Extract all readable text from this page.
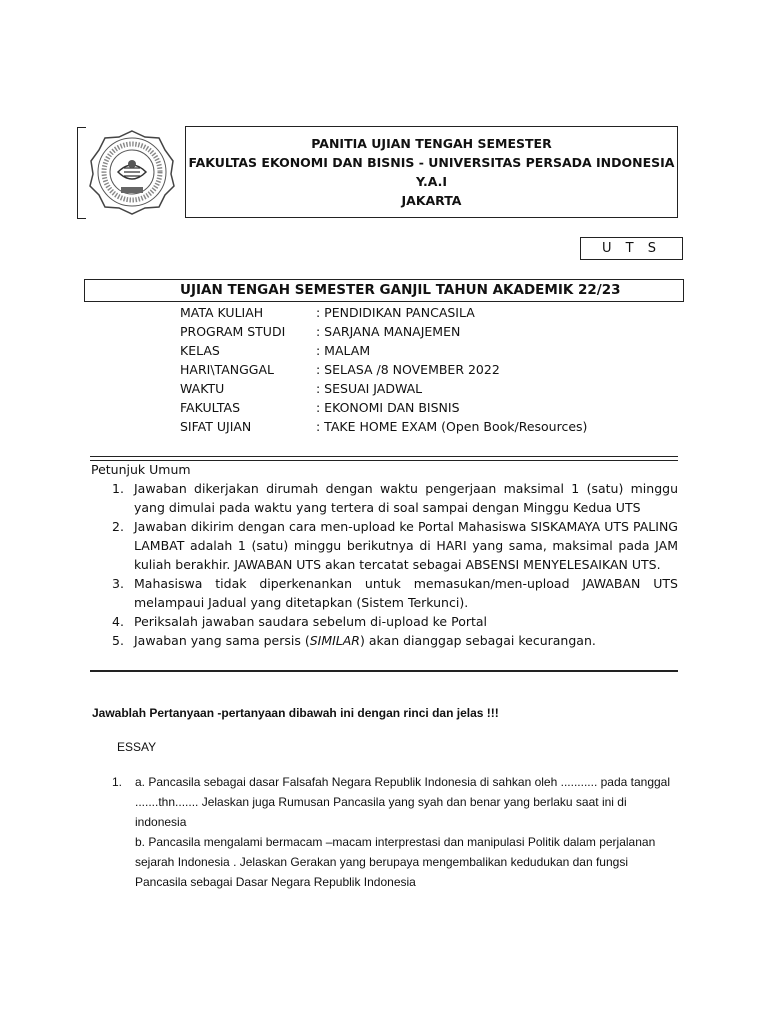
PANITIA UJIAN TENGAH SEMESTER
FAKULTAS EKONOMI DAN BISNIS - UNIVERSITAS PERSADA INDONESIA Y.A.I
JAKARTA
U T S
UJIAN TENGAH SEMESTER GANJIL TAHUN AKADEMIK 22/23
MATA KULIAH	: PENDIDIKAN PANCASILA
PROGRAM STUDI	: SARJANA MANAJEMEN
KELAS	: MALAM
HARI\TANGGAL	: SELASA /8 NOVEMBER 2022
WAKTU	: SESUAI JADWAL
FAKULTAS	: EKONOMI DAN BISNIS
SIFAT UJIAN	: TAKE HOME EXAM (Open Book/Resources)
Petunjuk Umum
1. Jawaban dikerjakan dirumah dengan waktu pengerjaan maksimal 1 (satu) minggu yang dimulai pada waktu yang tertera di soal sampai dengan Minggu Kedua UTS
2. Jawaban dikirim dengan cara men-upload ke Portal Mahasiswa SISKAMAYA UTS PALING LAMBAT adalah 1 (satu) minggu berikutnya di HARI yang sama, maksimal pada JAM kuliah berakhir. JAWABAN UTS akan tercatat sebagai ABSENSI MENYELESAIKAN UTS.
3. Mahasiswa tidak diperkenankan untuk memasukan/men-upload JAWABAN UTS melampaui Jadual yang ditetapkan (Sistem Terkunci).
4. Periksalah jawaban saudara sebelum di-upload ke Portal
5. Jawaban yang sama persis (SIMILAR) akan dianggap sebagai kecurangan.
Jawablah Pertanyaan -pertanyaan dibawah ini dengan rinci dan jelas !!!
ESSAY
1. a. Pancasila sebagai dasar Falsafah Negara Republik Indonesia di sahkan oleh ........... pada tanggal .......thn....... Jelaskan juga Rumusan Pancasila yang syah dan benar yang berlaku saat ini di indonesia

b. Pancasila mengalami bermacam –macam interprestasi dan manipulasi Politik dalam perjalanan sejarah Indonesia . Jelaskan Gerakan yang berupaya mengembalikan kedudukan dan fungsi Pancasila sebagai Dasar Negara Republik Indonesia
